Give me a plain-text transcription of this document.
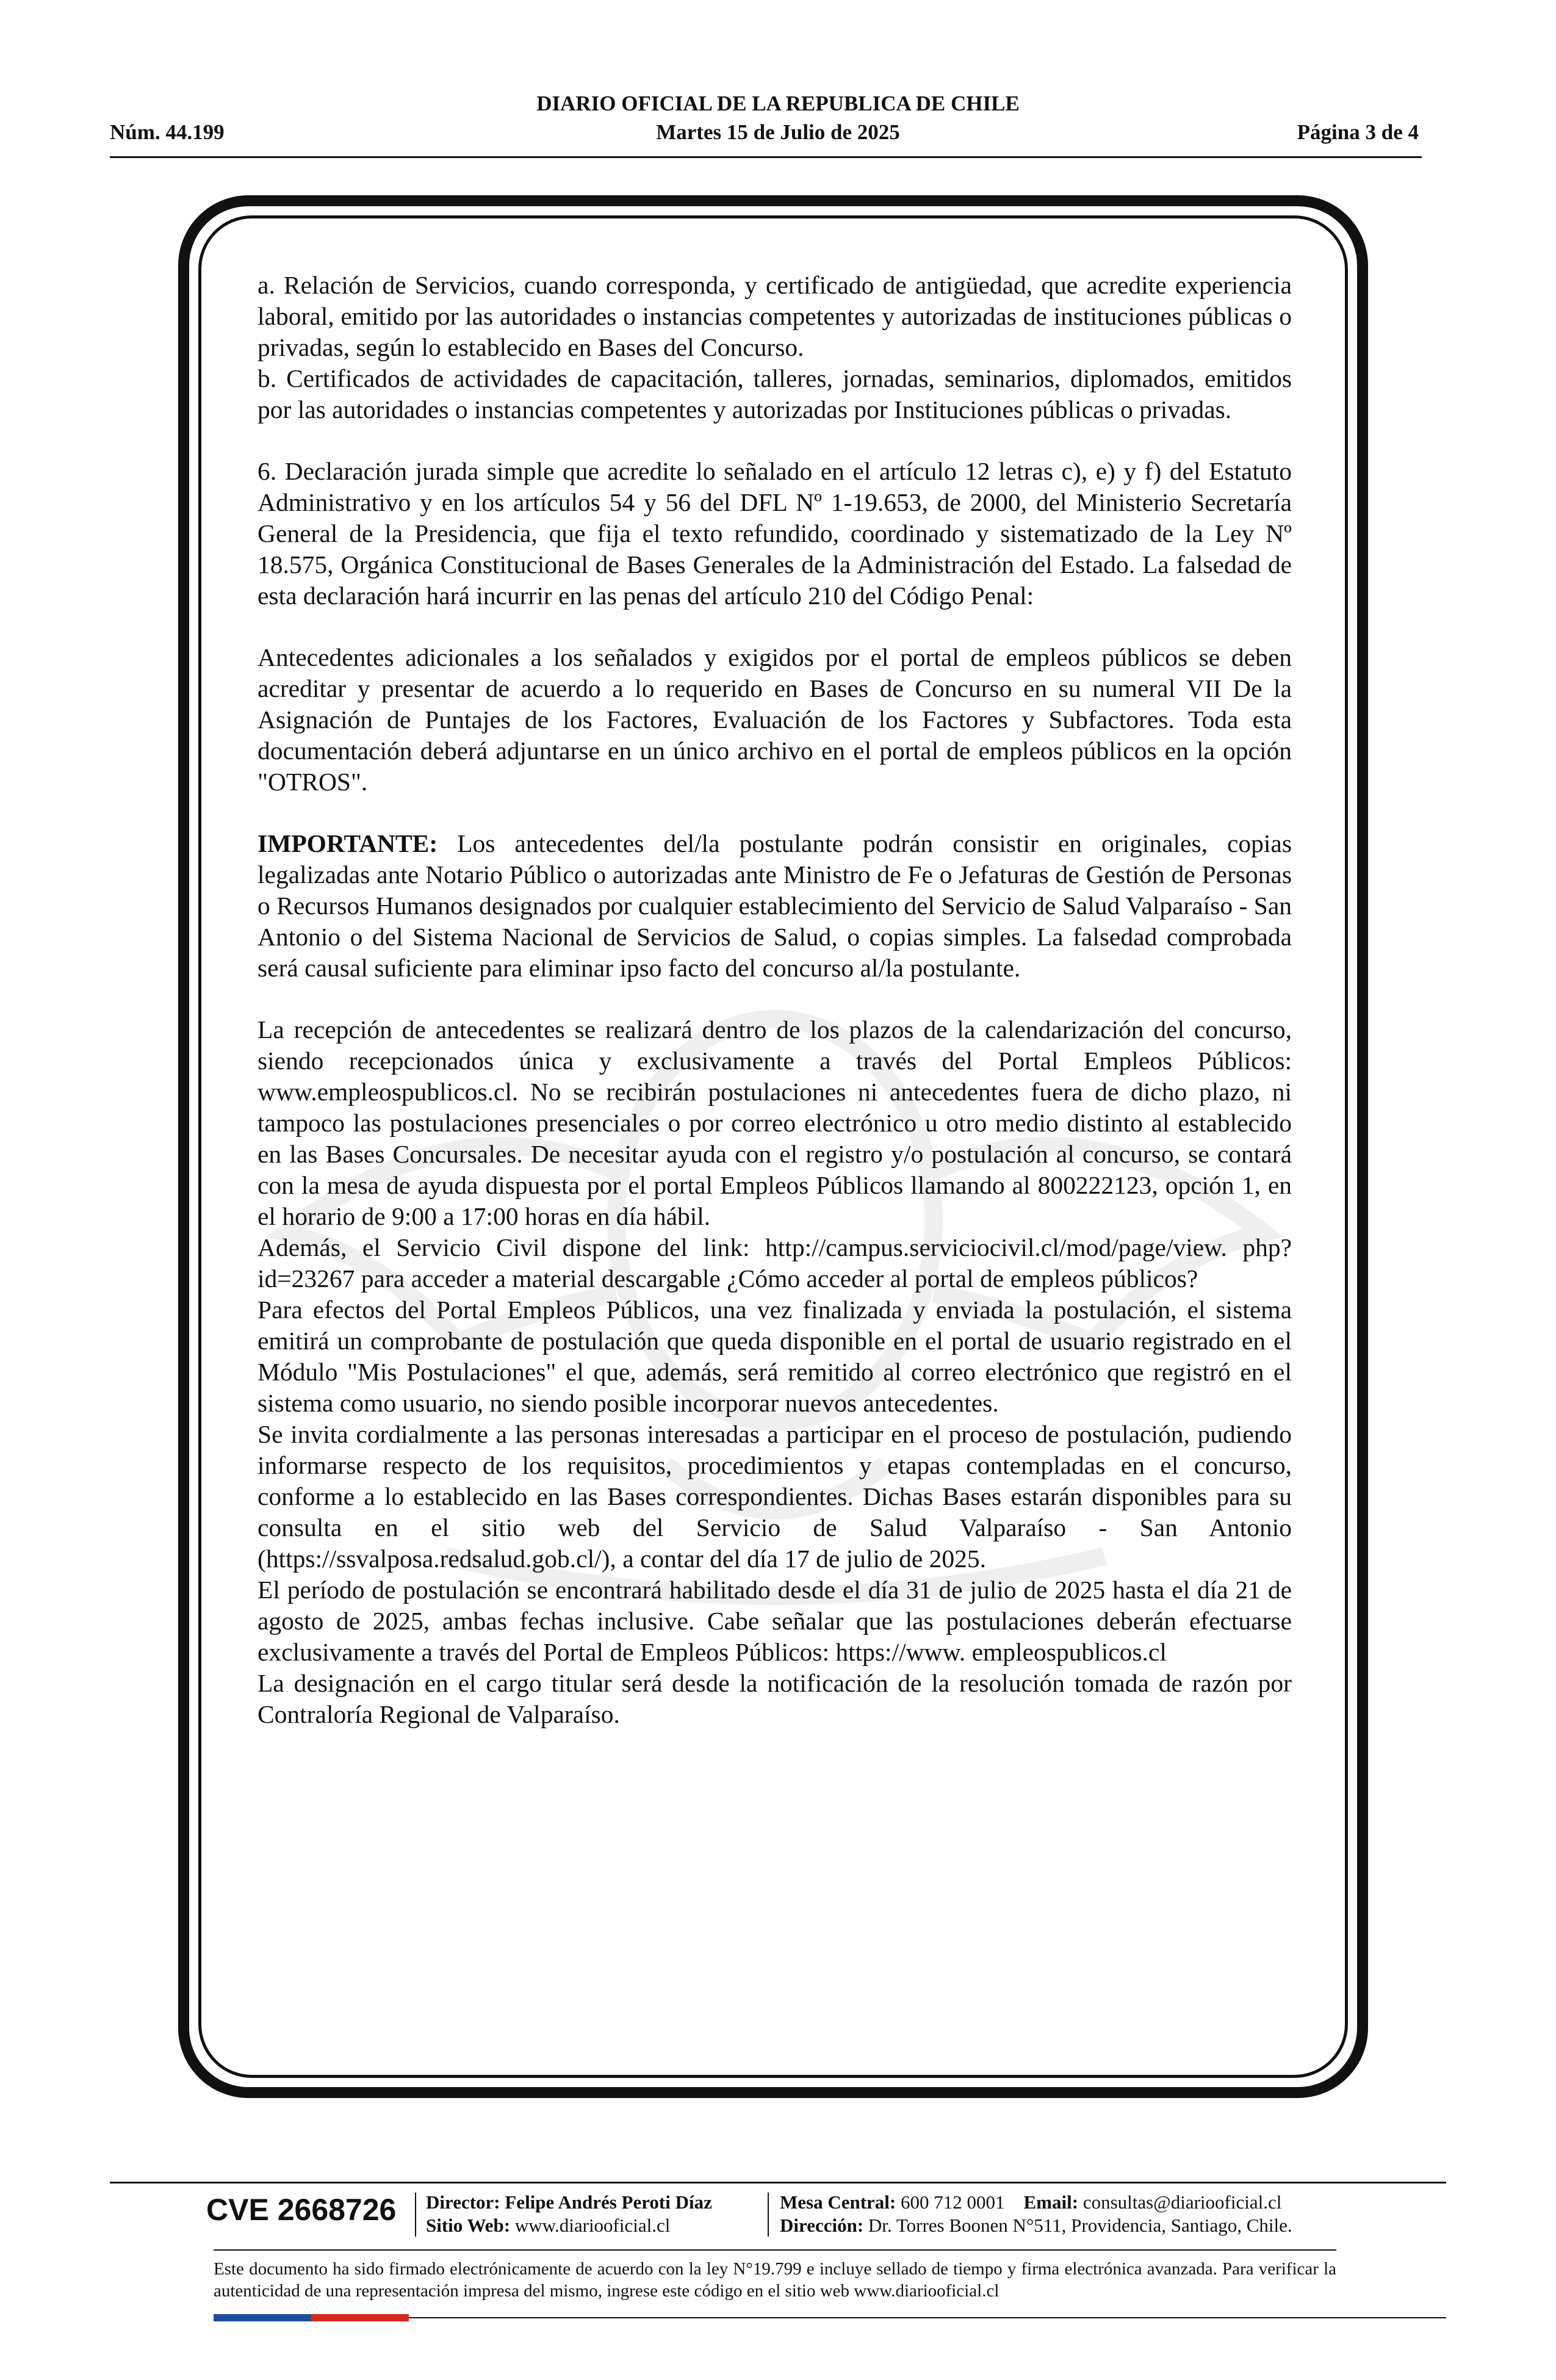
DIARIO OFICIAL DE LA REPUBLICA DE CHILE
Núm. 44.199	Martes 15 de Julio de 2025	Página 3 de 4

a. Relación de Servicios, cuando corresponda, y certificado de antigüedad, que acredite experiencia laboral, emitido por las autoridades o instancias competentes y autorizadas de instituciones públicas o privadas, según lo establecido en Bases del Concurso.

b. Certificados de actividades de capacitación, talleres, jornadas, seminarios, diplomados, emitidos por las autoridades o instancias competentes y autorizadas por Instituciones públicas o privadas.

6. Declaración jurada simple que acredite lo señalado en el artículo 12 letras c), e) y f) del Estatuto Administrativo y en los artículos 54 y 56 del DFL Nº 1-19.653, de 2000, del Ministerio Secretaría General de la Presidencia, que fija el texto refundido, coordinado y sistematizado de la Ley Nº 18.575, Orgánica Constitucional de Bases Generales de la Administración del Estado. La falsedad de esta declaración hará incurrir en las penas del artículo 210 del Código Penal:

Antecedentes adicionales a los señalados y exigidos por el portal de empleos públicos se deben acreditar y presentar de acuerdo a lo requerido en Bases de Concurso en su numeral VII De la Asignación de Puntajes de los Factores, Evaluación de los Factores y Subfactores. Toda esta documentación deberá adjuntarse en un único archivo en el portal de empleos públicos en la opción "OTROS".

IMPORTANTE: Los antecedentes del/la postulante podrán consistir en originales, copias legalizadas ante Notario Público o autorizadas ante Ministro de Fe o Jefaturas de Gestión de Personas o Recursos Humanos designados por cualquier establecimiento del Servicio de Salud Valparaíso - San Antonio o del Sistema Nacional de Servicios de Salud, o copias simples. La falsedad comprobada será causal suficiente para eliminar ipso facto del concurso al/la postulante.

La recepción de antecedentes se realizará dentro de los plazos de la calendarización del concurso, siendo recepcionados única y exclusivamente a través del Portal Empleos Públicos: www.empleospublicos.cl. No se recibirán postulaciones ni antecedentes fuera de dicho plazo, ni tampoco las postulaciones presenciales o por correo electrónico u otro medio distinto al establecido en las Bases Concursales. De necesitar ayuda con el registro y/o postulación al concurso, se contará con la mesa de ayuda dispuesta por el portal Empleos Públicos llamando al 800222123, opción 1, en el horario de 9:00 a 17:00 horas en día hábil.

Además, el Servicio Civil dispone del link: http://campus.serviciocivil.cl/mod/page/view. php?id=23267 para acceder a material descargable ¿Cómo acceder al portal de empleos públicos?

Para efectos del Portal Empleos Públicos, una vez finalizada y enviada la postulación, el sistema emitirá un comprobante de postulación que queda disponible en el portal de usuario registrado en el Módulo "Mis Postulaciones" el que, además, será remitido al correo electrónico que registró en el sistema como usuario, no siendo posible incorporar nuevos antecedentes.

Se invita cordialmente a las personas interesadas a participar en el proceso de postulación, pudiendo informarse respecto de los requisitos, procedimientos y etapas contempladas en el concurso, conforme a lo establecido en las Bases correspondientes. Dichas Bases estarán disponibles para su consulta en el sitio web del Servicio de Salud Valparaíso - San Antonio (https://ssvalposa.redsalud.gob.cl/), a contar del día 17 de julio de 2025.

El período de postulación se encontrará habilitado desde el día 31 de julio de 2025 hasta el día 21 de agosto de 2025, ambas fechas inclusive. Cabe señalar que las postulaciones deberán efectuarse exclusivamente a través del Portal de Empleos Públicos: https://www. empleospublicos.cl

La designación en el cargo titular será desde la notificación de la resolución tomada de razón por Contraloría Regional de Valparaíso.

CVE 2668726 Director: Felipe Andrés Peroti Díaz
Sitio Web: www.diariooficial.cl
Mesa Central: 600 712 0001 Email: consultas@diariooficial.cl
Dirección: Dr. Torres Boonen N°511, Providencia, Santiago, Chile.
Este documento ha sido firmado electrónicamente de acuerdo con la ley N°19.799 e incluye sellado de tiempo y firma electrónica avanzada. Para verificar la autenticidad de una representación impresa del mismo, ingrese este código en el sitio web www.diariooficial.cl
